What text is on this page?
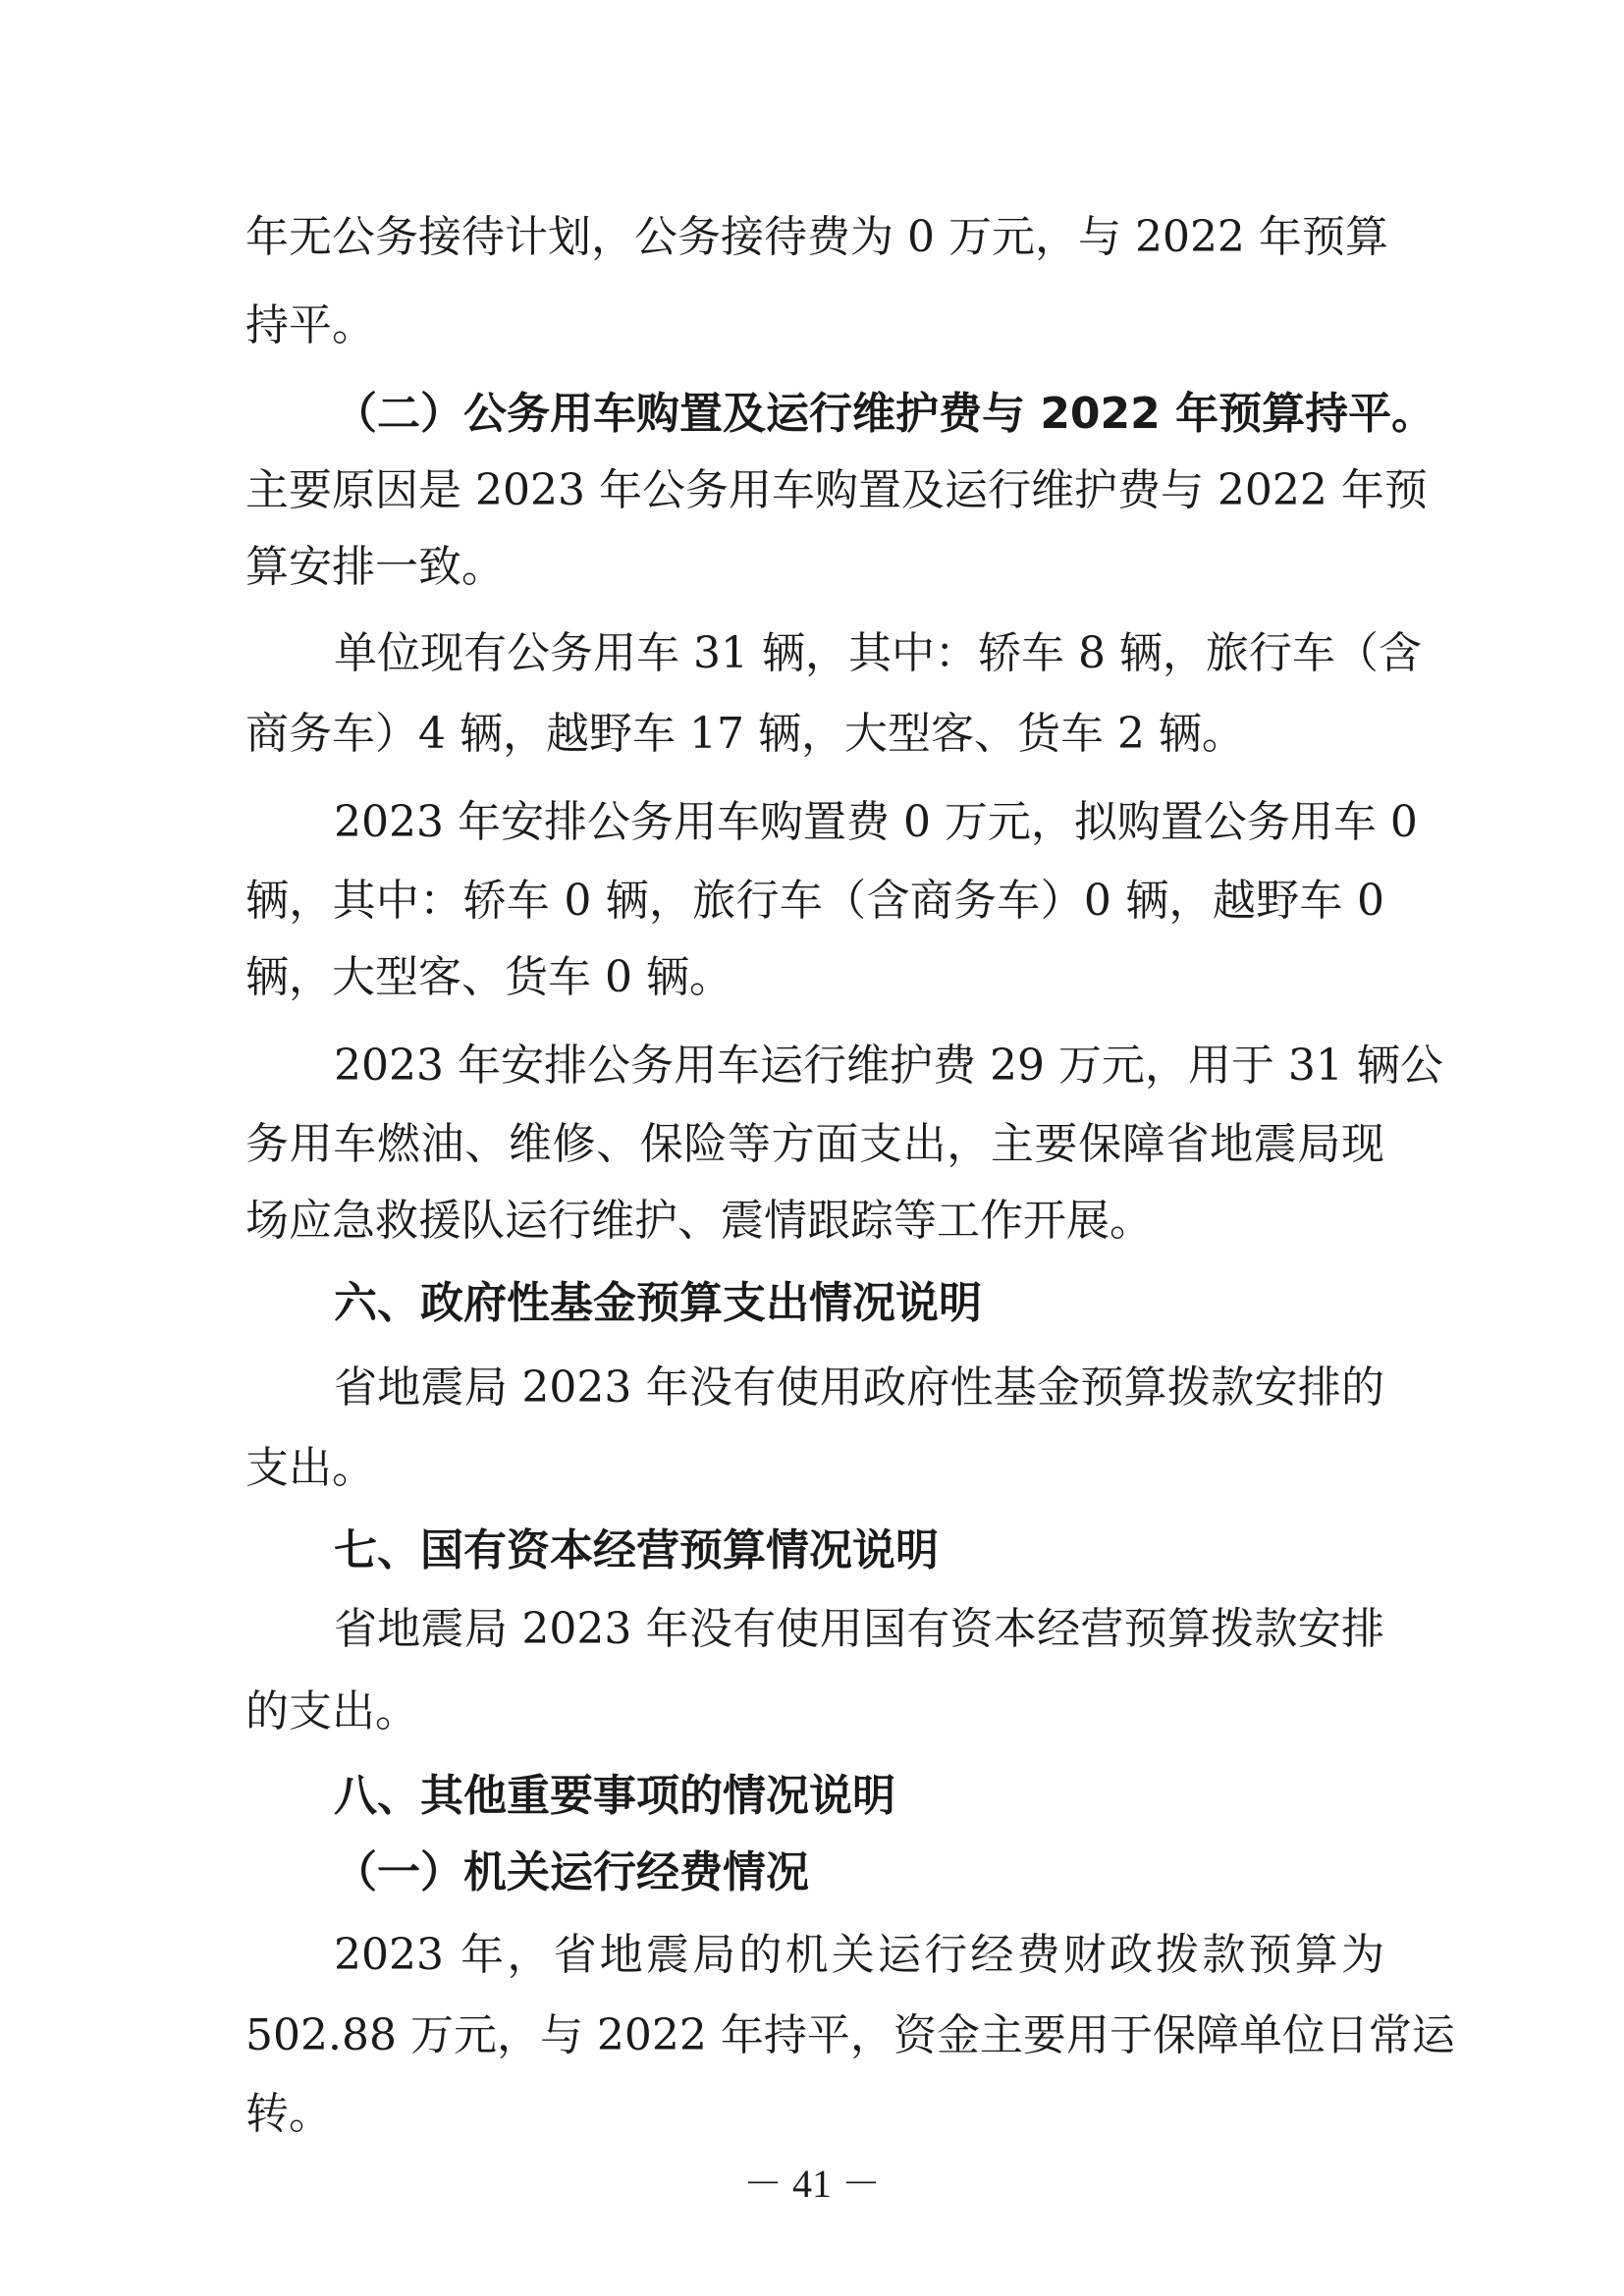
年无公务接待计划，公务接待费为 0 万元，与 2022 年预算
持平。
（二）公务用车购置及运行维护费与 2022 年预算持平。
主要原因是 2023 年公务用车购置及运行维护费与 2022 年预
算安排一致。
单位现有公务用车 31 辆，其中：轿车 8 辆，旅行车（含
商务车）4 辆，越野车 17 辆，大型客、货车 2 辆。
2023 年安排公务用车购置费 0 万元，拟购置公务用车 0
辆，其中：轿车 0 辆，旅行车（含商务车）0 辆，越野车 0
辆，大型客、货车 0 辆。
2023 年安排公务用车运行维护费 29 万元，用于 31 辆公
务用车燃油、维修、保险等方面支出，主要保障省地震局现
场应急救援队运行维护、震情跟踪等工作开展。
六、政府性基金预算支出情况说明
省地震局 2023 年没有使用政府性基金预算拨款安排的
支出。
七、国有资本经营预算情况说明
省地震局 2023 年没有使用国有资本经营预算拨款安排
的支出。
八、其他重要事项的情况说明
（一）机关运行经费情况
2023 年，省地震局的机关运行经费财政拨款预算为
502.88 万元，与 2022 年持平，资金主要用于保障单位日常运
转。
－ 41 －
